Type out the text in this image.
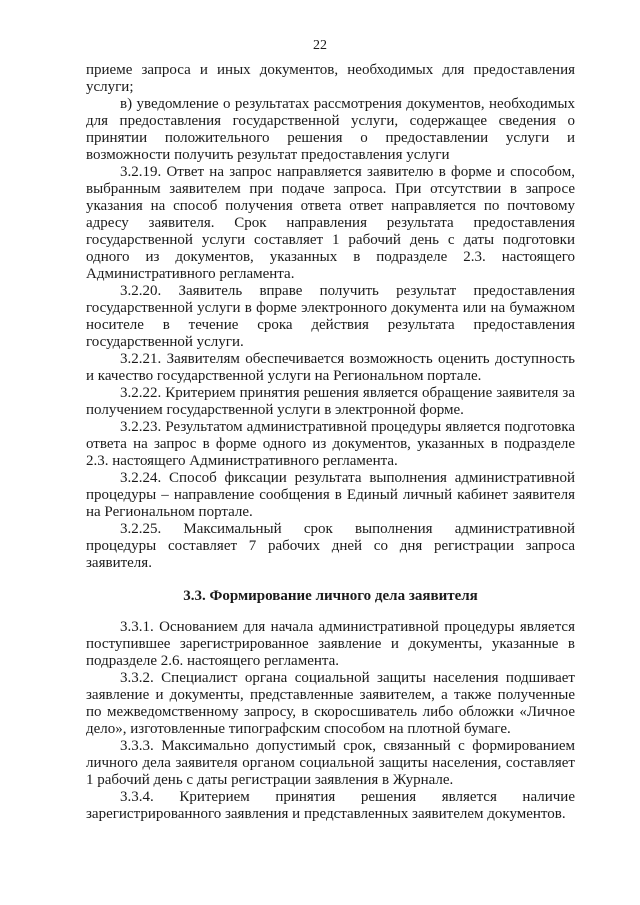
22

приеме запроса и иных документов, необходимых для предоставления услуги;

в) уведомление о результатах рассмотрения документов, необходимых для предоставления государственной услуги, содержащее сведения о принятии положительного решения о предоставлении услуги и возможности получить результат предоставления услуги

3.2.19. Ответ на запрос направляется заявителю в форме и способом, выбранным заявителем при подаче запроса. При отсутствии в запросе указания на способ получения ответа ответ направляется по почтовому адресу заявителя. Срок направления результата предоставления государственной услуги составляет 1 рабочий день с даты подготовки одного из документов, указанных в подразделе 2.3. настоящего Административного регламента.

3.2.20. Заявитель вправе получить результат предоставления государственной услуги в форме электронного документа или на бумажном носителе в течение срока действия результата предоставления государственной услуги.

3.2.21. Заявителям обеспечивается возможность оценить доступность и качество государственной услуги на Региональном портале.

3.2.22. Критерием принятия решения является обращение заявителя за получением государственной услуги в электронной форме.

3.2.23. Результатом административной процедуры является подготовка ответа на запрос в форме одного из документов, указанных в подразделе 2.3. настоящего Административного регламента.

3.2.24. Способ фиксации результата выполнения административной процедуры – направление сообщения в Единый личный кабинет заявителя на Региональном портале.

3.2.25. Максимальный срок выполнения административной процедуры составляет 7 рабочих дней со дня регистрации запроса заявителя.

3.3. Формирование личного дела заявителя

3.3.1. Основанием для начала административной процедуры является поступившее зарегистрированное заявление и документы, указанные в подразделе 2.6. настоящего регламента.

3.3.2. Специалист органа социальной защиты населения подшивает заявление и документы, представленные заявителем, а также полученные по межведомственному запросу, в скоросшиватель либо обложки «Личное дело», изготовленные типографским способом на плотной бумаге.

3.3.3. Максимально допустимый срок, связанный с формированием личного дела заявителя органом социальной защиты населения, составляет 1 рабочий день с даты регистрации заявления в Журнале.

3.3.4. Критерием принятия решения является наличие зарегистрированного заявления и представленных заявителем документов.
